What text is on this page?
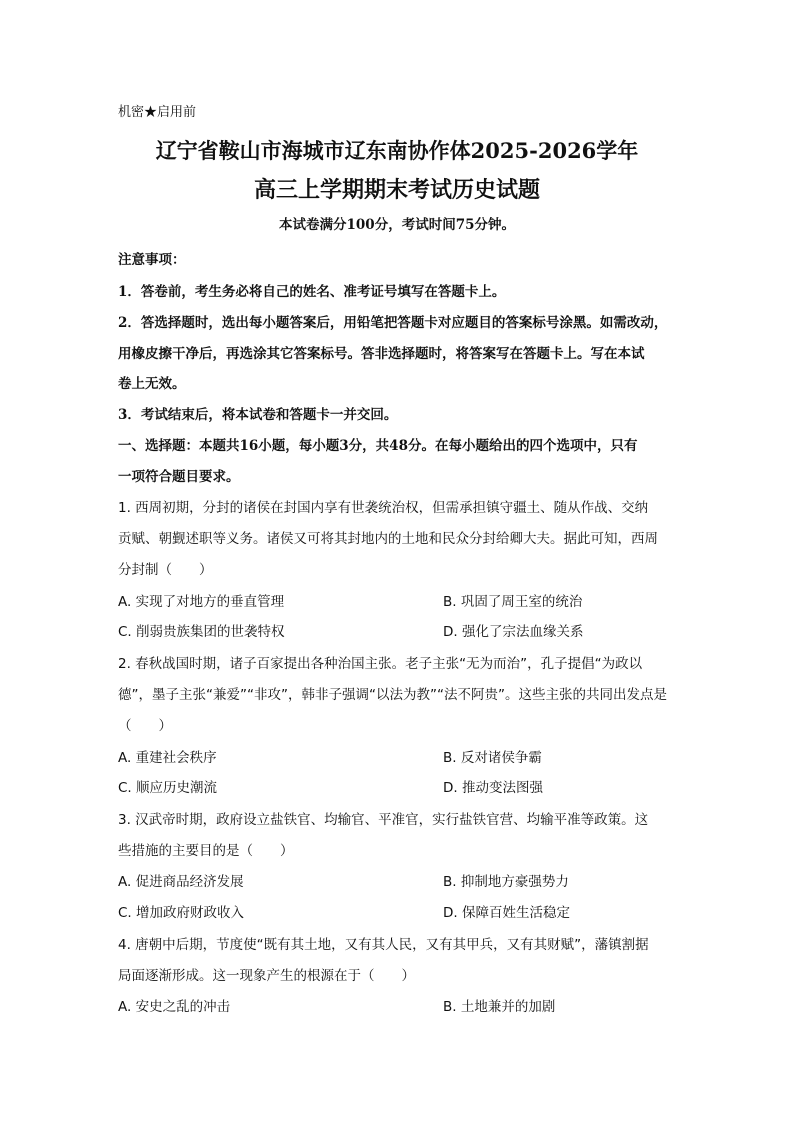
机密★启用前
辽宁省鞍山市海城市辽东南协作体2025-2026学年
高三上学期期末考试历史试题
本试卷满分100分，考试时间75分钟。
注意事项：
1．答卷前，考生务必将自己的姓名、准考证号填写在答题卡上。
2．答选择题时，选出每小题答案后，用铅笔把答题卡对应题目的答案标号涂黑。如需改动，
用橡皮擦干净后，再选涂其它答案标号。答非选择题时，将答案写在答题卡上。写在本试
卷上无效。
3．考试结束后，将本试卷和答题卡一并交回。
一、选择题：本题共16小题，每小题3分，共48分。在每小题给出的四个选项中，只有
一项符合题目要求。
1. 西周初期，分封的诸侯在封国内享有世袭统治权，但需承担镇守疆土、随从作战、交纳
贡赋、朝觐述职等义务。诸侯又可将其封地内的土地和民众分封给卿大夫。据此可知，西周
分封制（　　）
A. 实现了对地方的垂直管理	B. 巩固了周王室的统治
C. 削弱贵族集团的世袭特权	D. 强化了宗法血缘关系
2. 春秋战国时期，诸子百家提出各种治国主张。老子主张“无为而治”，孔子提倡“为政以
德”，墨子主张“兼爱”“非攻”，韩非子强调“以法为教”“法不阿贵”。这些主张的共同出发点是
（　　）
A. 重建社会秩序	B. 反对诸侯争霸
C. 顺应历史潮流	D. 推动变法图强
3. 汉武帝时期，政府设立盐铁官、均输官、平准官，实行盐铁官营、均输平准等政策。这
些措施的主要目的是（　　）
A. 促进商品经济发展	B. 抑制地方豪强势力
C. 增加政府财政收入	D. 保障百姓生活稳定
4. 唐朝中后期，节度使“既有其土地，又有其人民，又有其甲兵，又有其财赋”，藩镇割据
局面逐渐形成。这一现象产生的根源在于（　　）
A. 安史之乱的冲击	B. 土地兼并的加剧
